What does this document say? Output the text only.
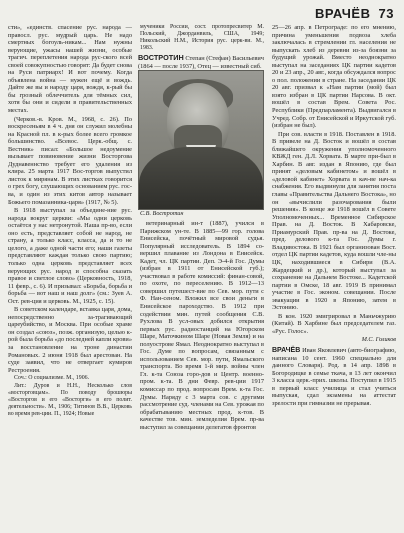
ВРАЧЁВ 73

сти», «единств. спасение рус. народа — правосл. рус. мудрый царь. Не надо смертных богоуль-никам... Нам нужны верующие, ужасы нашей жизни, особые трагич. переплетения народа рус-ского всей своей совокупностью говорят: Да будет снова на Руси патриарх! И вот почему. Когда объявлена война — нужен ещё и вождь. Дайте же вы и народу царя, вождя, к-рый бы бы грозный облеччитель для тёмных сил, хотя бы они и сидели в правительственных местах.

(Черков.-в. Кров. М., 1968, с. 26). По воскресеньям в 4 ч. дня он служил молебны на Красной пл. в к-рых более всего громкое большинство. «Всевос. Церк.-общ. с. Вестник» писал: «Большое недоумение вызывает повиновение жизни Восторгова Дуднавеннство требует его удаления из клира. 25 марта 1917 Вос-торгов выпустил листок к мирянам. В этих листках говорится о грех богу, слушающих основанием рус. гос-ва, и один из этих китов автор называет Божьего помазанника-царя» (1917, № 5).

В 1918 выступал за объедине-ние рус. народа вокруг церкви: «Мы одни церковь остаётся у нас нетронутой. Наша пр-во, если оно есть, представляет собой не народ, не страну, а только класс, класса, да и то не целого, а даже одной части его; наши газеты представляют каждая только свою партию; только одна церковь представляет всех верующих рус. народ и способна сказать правое и светлое слово» (Церковность, 1918, 11 февр., с. 6). И призывал: «Борьба, борьба и борьба — вот наш и наш долг» (см.: Зуев А. Ост. рев-ция и церковь. М., 1925, с. 15).

В советском календаре, вставка царя, дома, непосредственно за-трагивающий цареубийство, и Москва. При особые храме он создал «союз», позж. организую, целью к-рой была борьба «до последней капли крови» за восстановление на троне династии Романовых. 2 июня 1918 был арестован. На суде заявил, что не отвергает кумиров Рестроения.

Соч.: О социализме. М., 1906.

Лит.: Дуров и Н.Н., Несколько слов «восторговцам». По поводу брошюры «Восторгов и его «Восторги» в его полит. деятельности». М., 1906; Титинов В.В., Церковь во время рев-ции. П., 1924; Новые

мученики России, сост. протопресвитер М. Польский, Джорданвиль, США, 1949; Никольский Н.М., История рус. церк-ви. М., 1983.

ВОСТРОТИН Степан (Стефан) Васильевич (1864 — после 1937), Отец — известный сиб.
С.В. Востротин

ветеринарный ин-т (1887), учился в Парижском ун-те. В 1885—99 гор. голова Енисейска, почётный мировой судья. Популярный исследователь. В 1894 со-вершил плавание из Лондона в Енисейск. Кадет, чл. ЦК партии. Деп. Э-4-й Гос. Думы (избран в 1911 от Енисейской губ.); участвовал в работе комиссий: финан-совой, по охоте, по переселению. В 1912—13 совершил путешест-вие по Сев. мор. пути с Ф. Нан-сеном. Вложил все свои деньги в Енисейское пароходство. В 1912 при содействии мин. путей сообщения С.В. Рухлова В усл-овых добился открытия первых рус. радиостанций на Югорском Шаре, Маточкином Шаре (Новая Земля) и на полуострове Ямал. Неоднократно выступал в Гос. Думе по вопросам, связанным с использованием Сев. мор. пути, Ямальского транспорта. Во время 1-й мир. войны член Гл. к-та Союза горо-дов и Центр. военно-пром. к-та. В дни Февр. рев-ции 1917 комиссар по прод. вопросам Врем. к-та Гос. Думы. Наряду с 3 марта сов. с другими рассмотрение суд. членами на Сев. урожая по обрабатыванию местных прод. к-тов. В качестве тов. мин. земледелия Врем. пр-ва выступил за совещании делегатов фронтов

25—26 апр. в Петрограде: по его мнению, причина уменьшения подвоза хлеба заключалась в стремлении гл. населения не выпускать хлеб из деревни из-за боязни за будущий урожай. Вместо неоднократно выступал на заседаниях ЦК партии кадетов 20 и 23 апр., 20 авг., когда обсуждался вопрос о пол. положении в стране. На заседании ЦК 20 авг. призвал к «Нам партии (мой) был взято избран в ЦК партии Нарсова. В окт. вошёл в состав Врем. Совета Рос. Республики (Предпарламента). Выдвигался в Учред. Собр. от Енисейской и Иркутской губ. (избран не был).

При сов. власти в 1918. Поставлен в 1918. В привеле на Д. Восток и вошёл в состав ближайшего окружения уполномоченного КВЖД ген. Д.Л. Хорвата. В марте при-был в Харбин. В авг. издан в Японию, где был принят «деловым кабинетом» и вошёл в «деловой кабинет» Хорвата в кач-ве нач-ка снабжения. Его выдвинули для занятия поста главы «Правительства Дальнего Востока», но он «вычислили разочарования были решения». В конце же 1918 вошёл в Совете Уполномоченных... Временное Сибирское Прав. на Д. Восток. В Хабаровске, Приамурский Прав. пр-ва на Д. Востоке, пред. делового к-та Гос. Думы г. Владивостока. В 1921 был организован Вост. отдел ЦК партии кадетов, куда вошли чле-ны ЦК, находившиеся в Сибири (В.А. Жардецкий и др.), который выступал за сохранение на Дальнем Востоке... Кадетской партии в Омске, 18 авг. 1919 В принимал участие в Гос. эконом. совещании. После эвакуации в 1920 в Японию, затем в Эстонию.

В кон. 1920 эмигрировал в Маньчжурию (Китай). В Харбине был председателем газ. «Рус. Голос».

М.С. Голиков

ВРАЧЁВ Иван Яковлевич (авто-биографию, написана 10 сент. 1960 специально для данного Словаря). Род. в 14 апр. 1898 в Богородицке в семье ткача, в 13 лет окончил 3 класса церк.-прих. школы. Поступил в 1915 в первый класс училища и стал учиться выпуская, сдал экзамены на аттестат зрелости при гимназии не прерывая.
